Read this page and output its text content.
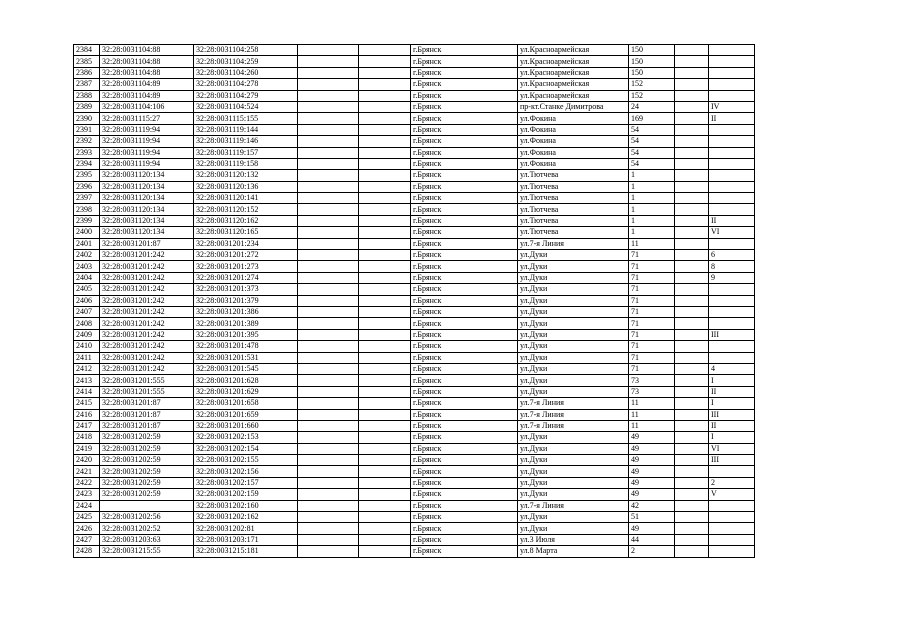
2384	32:28:0031104:88	32:28:0031104:258			г.Брянск	ул.Красноармейская	150		
2385	32:28:0031104:88	32:28:0031104:259			г.Брянск	ул.Красноармейская	150		
2386	32:28:0031104:88	32:28:0031104:260			г.Брянск	ул.Красноармейская	150		
2387	32:28:0031104:89	32:28:0031104:278			г.Брянск	ул.Красноармейская	152		
2388	32:28:0031104:89	32:28:0031104:279			г.Брянск	ул.Красноармейская	152		
2389	32:28:0031104:106	32:28:0031104:524			г.Брянск	пр-кт.Станке Димитрова	24		IV
2390	32:28:0031115:27	32:28:0031115:155			г.Брянск	ул.Фокина	169		II
2391	32:28:0031119:94	32:28:0031119:144			г.Брянск	ул.Фокина	54		
2392	32:28:0031119:94	32:28:0031119:146			г.Брянск	ул.Фокина	54		
2393	32:28:0031119:94	32:28:0031119:157			г.Брянск	ул.Фокина	54		
2394	32:28:0031119:94	32:28:0031119:158			г.Брянск	ул.Фокина	54		
2395	32:28:0031120:134	32:28:0031120:132			г.Брянск	ул.Тютчева	1		
2396	32:28:0031120:134	32:28:0031120:136			г.Брянск	ул.Тютчева	1		
2397	32:28:0031120:134	32:28:0031120:141			г.Брянск	ул.Тютчева	1		
2398	32:28:0031120:134	32:28:0031120:152			г.Брянск	ул.Тютчева	1		
2399	32:28:0031120:134	32:28:0031120:162			г.Брянск	ул.Тютчева	1		II
2400	32:28:0031120:134	32:28:0031120:165			г.Брянск	ул.Тютчева	1		VI
2401	32:28:0031201:87	32:28:0031201:234			г.Брянск	ул.7-я Линия	11		
2402	32:28:0031201:242	32:28:0031201:272			г.Брянск	ул.Дуки	71		6
2403	32:28:0031201:242	32:28:0031201:273			г.Брянск	ул.Дуки	71		8
2404	32:28:0031201:242	32:28:0031201:274			г.Брянск	ул.Дуки	71		9
2405	32:28:0031201:242	32:28:0031201:373			г.Брянск	ул.Дуки	71		
2406	32:28:0031201:242	32:28:0031201:379			г.Брянск	ул.Дуки	71		
2407	32:28:0031201:242	32:28:0031201:386			г.Брянск	ул.Дуки	71		
2408	32:28:0031201:242	32:28:0031201:389			г.Брянск	ул.Дуки	71		
2409	32:28:0031201:242	32:28:0031201:395			г.Брянск	ул.Дуки	71		III
2410	32:28:0031201:242	32:28:0031201:478			г.Брянск	ул.Дуки	71		
2411	32:28:0031201:242	32:28:0031201:531			г.Брянск	ул.Дуки	71		
2412	32:28:0031201:242	32:28:0031201:545			г.Брянск	ул.Дуки	71		4
2413	32:28:0031201:555	32:28:0031201:628			г.Брянск	ул.Дуки	73		I
2414	32:28:0031201:555	32:28:0031201:629			г.Брянск	ул.Дуки	73		II
2415	32:28:0031201:87	32:28:0031201:658			г.Брянск	ул.7-я Линия	11		I
2416	32:28:0031201:87	32:28:0031201:659			г.Брянск	ул.7-я Линия	11		III
2417	32:28:0031201:87	32:28:0031201:660			г.Брянск	ул.7-я Линия	11		II
2418	32:28:0031202:59	32:28:0031202:153			г.Брянск	ул.Дуки	49		I
2419	32:28:0031202:59	32:28:0031202:154			г.Брянск	ул.Дуки	49		VI
2420	32:28:0031202:59	32:28:0031202:155			г.Брянск	ул.Дуки	49		III
2421	32:28:0031202:59	32:28:0031202:156			г.Брянск	ул.Дуки	49		
2422	32:28:0031202:59	32:28:0031202:157			г.Брянск	ул.Дуки	49		2
2423	32:28:0031202:59	32:28:0031202:159			г.Брянск	ул.Дуки	49		V
2424		32:28:0031202:160			г.Брянск	ул.7-я Линия	42		
2425	32:28:0031202:56	32:28:0031202:162			г.Брянск	ул.Дуки	51		
2426	32:28:0031202:52	32:28:0031202:81			г.Брянск	ул.Дуки	49		
2427	32:28:0031203:63	32:28:0031203:171			г.Брянск	ул.3 Июля	44		
2428	32:28:0031215:55	32:28:0031215:181			г.Брянск	ул.8 Марта	2		
